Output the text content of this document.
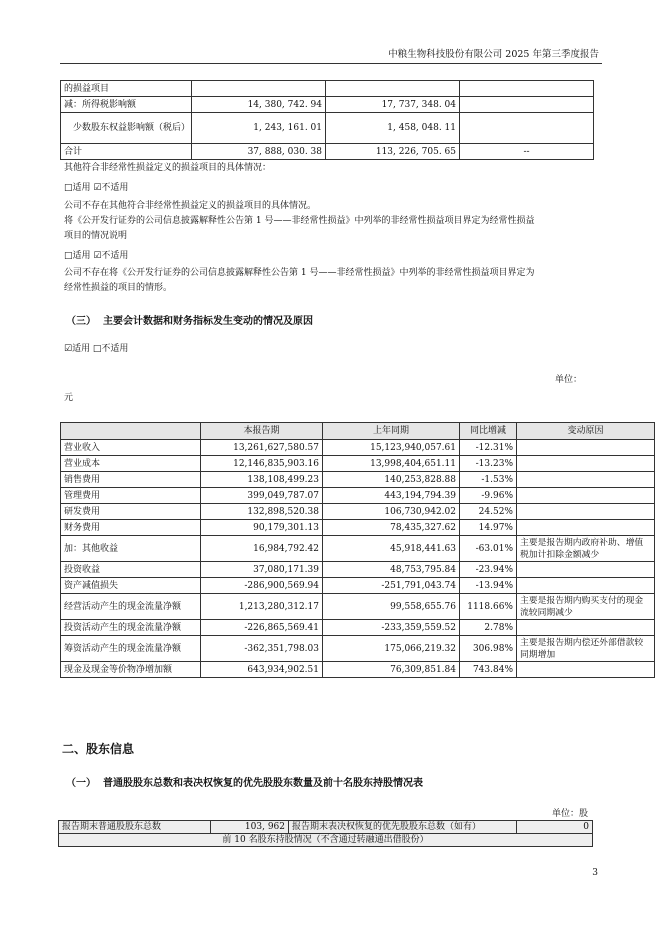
中粮生物科技股份有限公司 2025 年第三季度报告
的损益项目			
减：所得税影响额	14, 380, 742. 94	17, 737, 348. 04	
少数股东权益影响额（税后）	1, 243, 161. 01	1, 458, 048. 11	
合计	37, 888, 030. 38	113, 226, 705. 65	--
其他符合非经常性损益定义的损益项目的具体情况：
□适用 ☑不适用
公司不存在其他符合非经常性损益定义的损益项目的具体情况。
将《公开发行证券的公司信息披露解释性公告第 1 号——非经常性损益》中列举的非经常性损益项目界定为经常性损益
项目的情况说明
□适用 ☑不适用
公司不存在将《公开发行证券的公司信息披露解释性公告第 1 号——非经常性损益》中列举的非经常性损益项目界定为
经常性损益的项目的情形。
（三） 主要会计数据和财务指标发生变动的情况及原因
☑适用 □不适用
单位：
元
	本报告期	上年同期	同比增减	变动原因
营业收入	13,261,627,580.57	15,123,940,057.61	-12.31%	
营业成本	12,146,835,903.16	13,998,404,651.11	-13.23%	
销售费用	138,108,499.23	140,253,828.88	-1.53%	
管理费用	399,049,787.07	443,194,794.39	-9.96%	
研发费用	132,898,520.38	106,730,942.02	24.52%	
财务费用	90,179,301.13	78,435,327.62	14.97%	
加：其他收益	16,984,792.42	45,918,441.63	-63.01%	主要是报告期内政府补助、增值税加计扣除金额减少
投资收益	37,080,171.39	48,753,795.84	-23.94%	
资产减值损失	-286,900,569.94	-251,791,043.74	-13.94%	
经营活动产生的现金流量净额	1,213,280,312.17	99,558,655.76	1118.66%	主要是报告期内购买支付的现金流较同期减少
投资活动产生的现金流量净额	-226,865,569.41	-233,359,559.52	2.78%	
筹资活动产生的现金流量净额	-362,351,798.03	175,066,219.32	306.98%	主要是报告期内偿还外部借款较同期增加
现金及现金等价物净增加额	643,934,902.51	76,309,851.84	743.84%	
二、股东信息
（一） 普通股股东总数和表决权恢复的优先股股东数量及前十名股东持股情况表
单位：股
报告期末普通股股东总数	103, 962	报告期末表决权恢复的优先股股东总数（如有）	0
前 10 名股东持股情况（不含通过转融通出借股份）
3
